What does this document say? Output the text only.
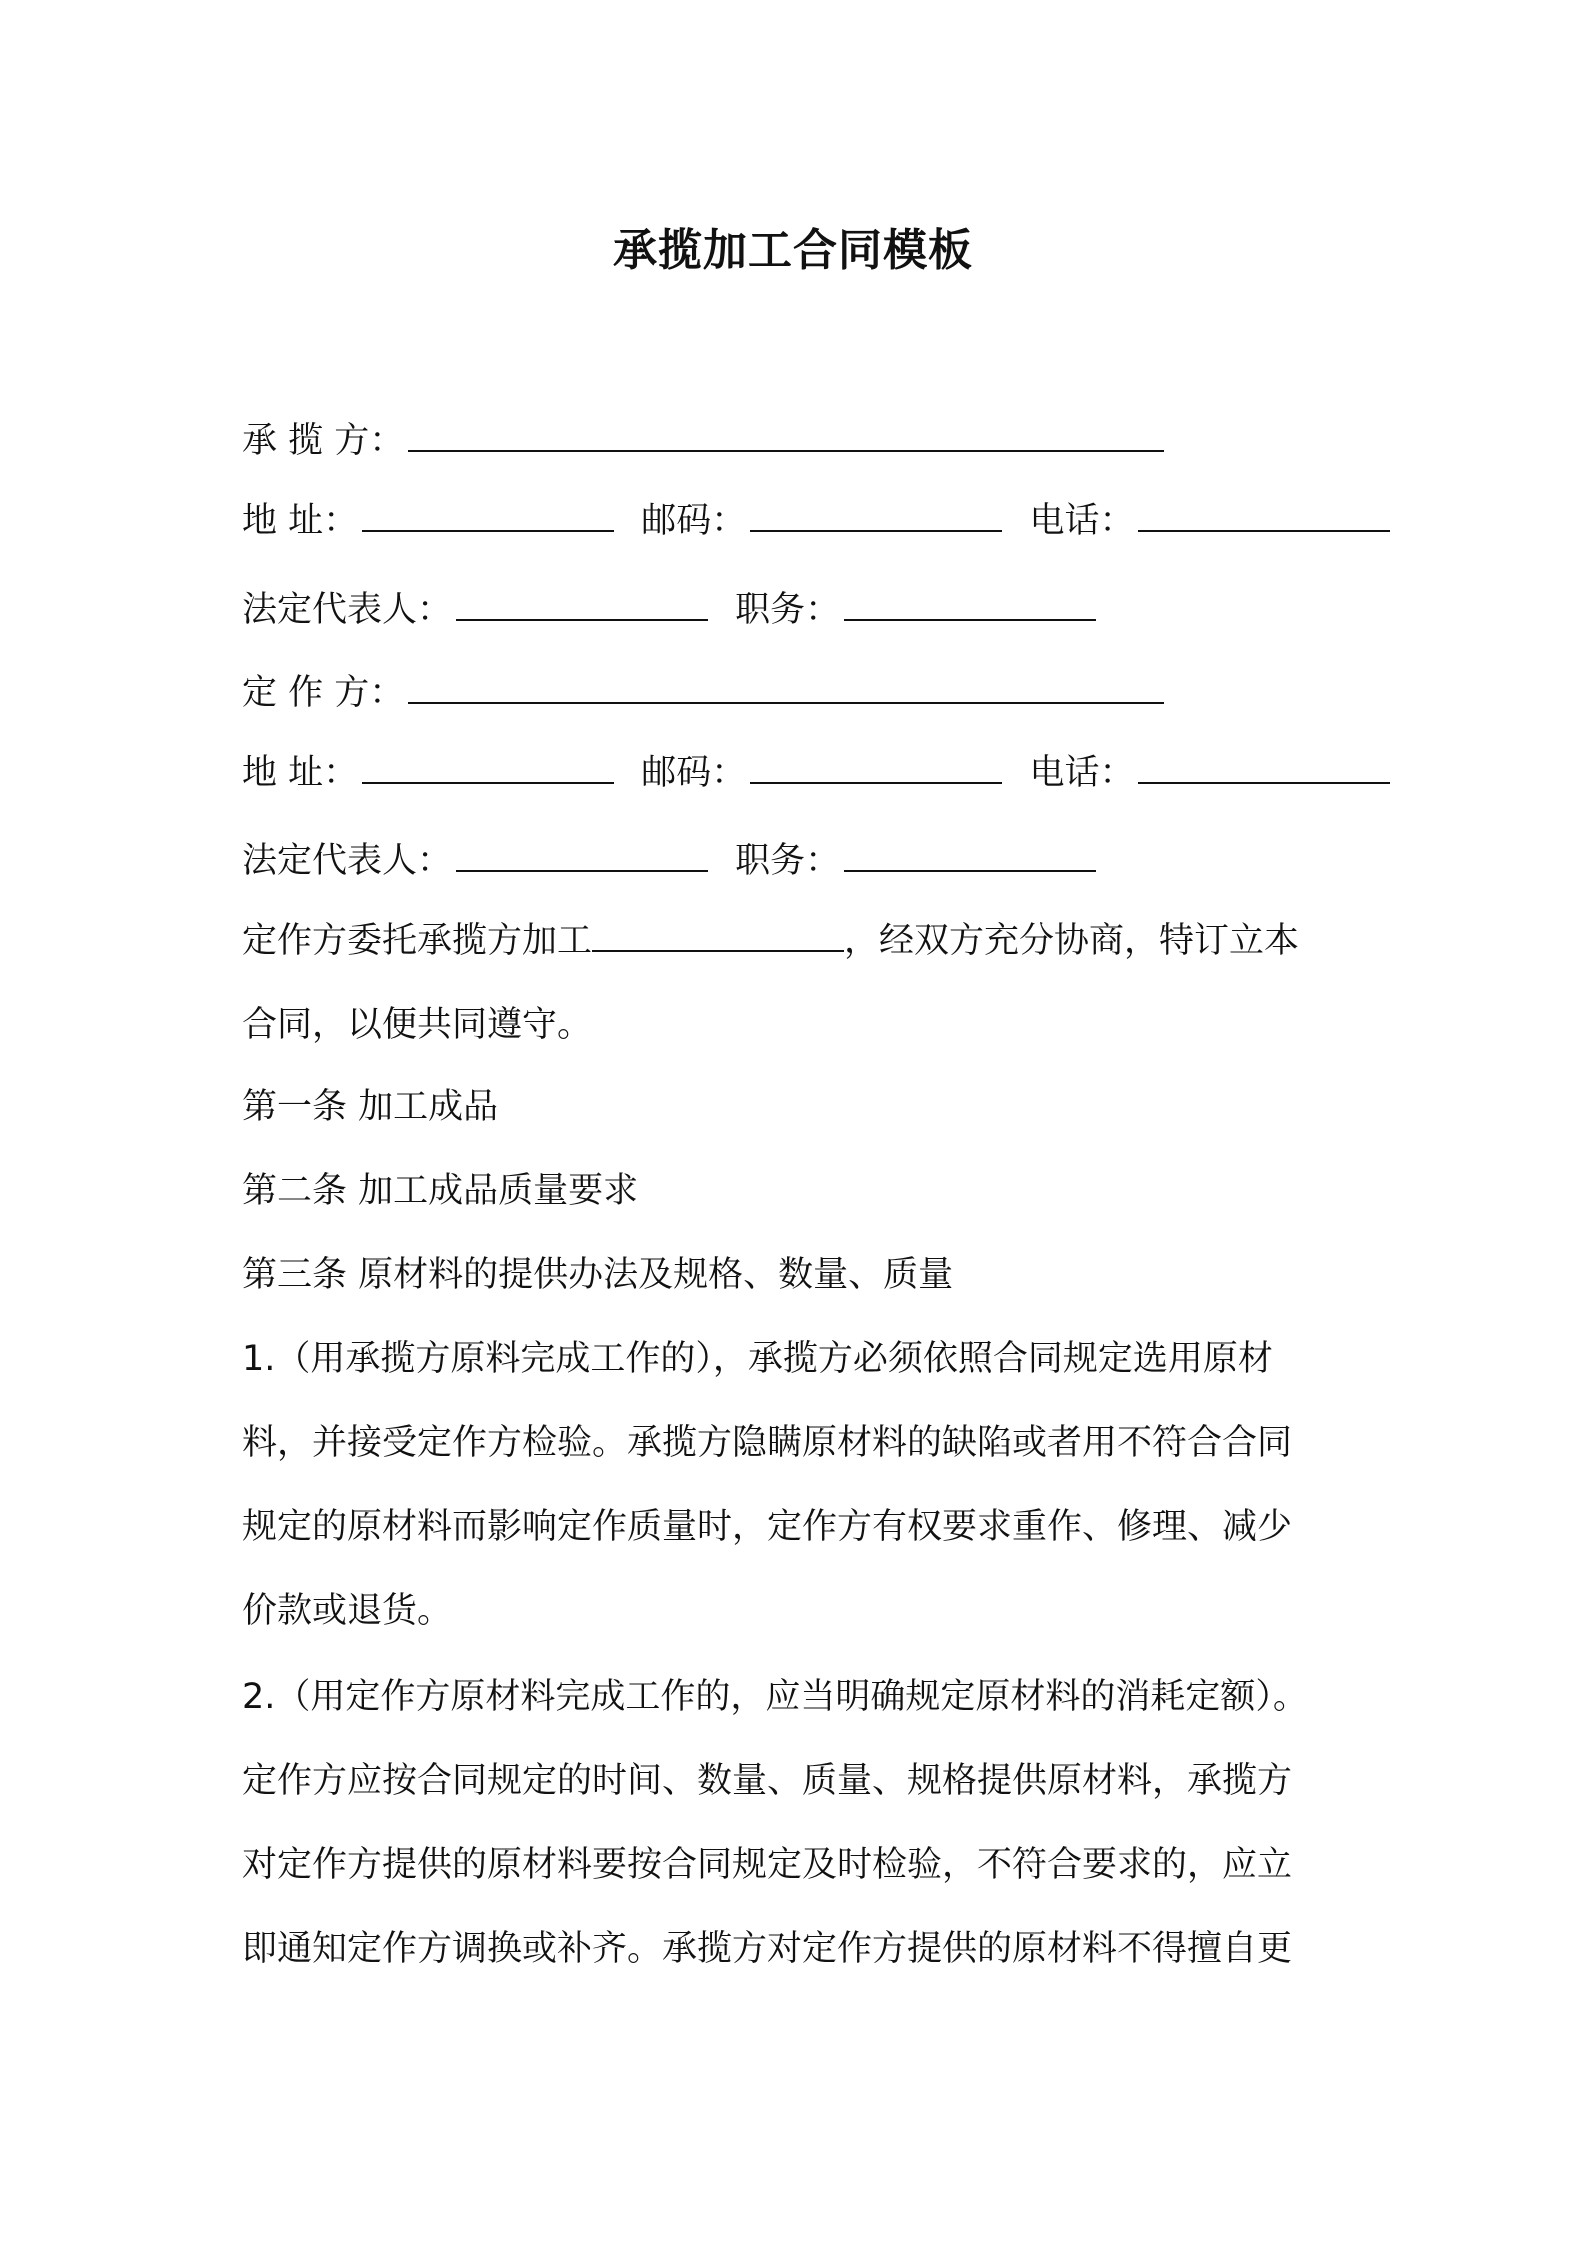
承揽加工合同模板
承 揽 方：
地 址：	邮码：	电话：
法定代表人：	职务：
定 作 方：
地 址：	邮码：	电话：
法定代表人：	职务：
定作方委托承揽方加工	，经双方充分协商，特订立本
合同，以便共同遵守。
第一条 加工成品
第二条 加工成品质量要求
第三条 原材料的提供办法及规格、数量、质量
1.（用承揽方原料完成工作的），承揽方必须依照合同规定选用原材
料，并接受定作方检验。承揽方隐瞒原材料的缺陷或者用不符合合同
规定的原材料而影响定作质量时，定作方有权要求重作、修理、减少
价款或退货。
2.（用定作方原材料完成工作的，应当明确规定原材料的消耗定额）。
定作方应按合同规定的时间、数量、质量、规格提供原材料，承揽方
对定作方提供的原材料要按合同规定及时检验，不符合要求的，应立
即通知定作方调换或补齐。承揽方对定作方提供的原材料不得擅自更
